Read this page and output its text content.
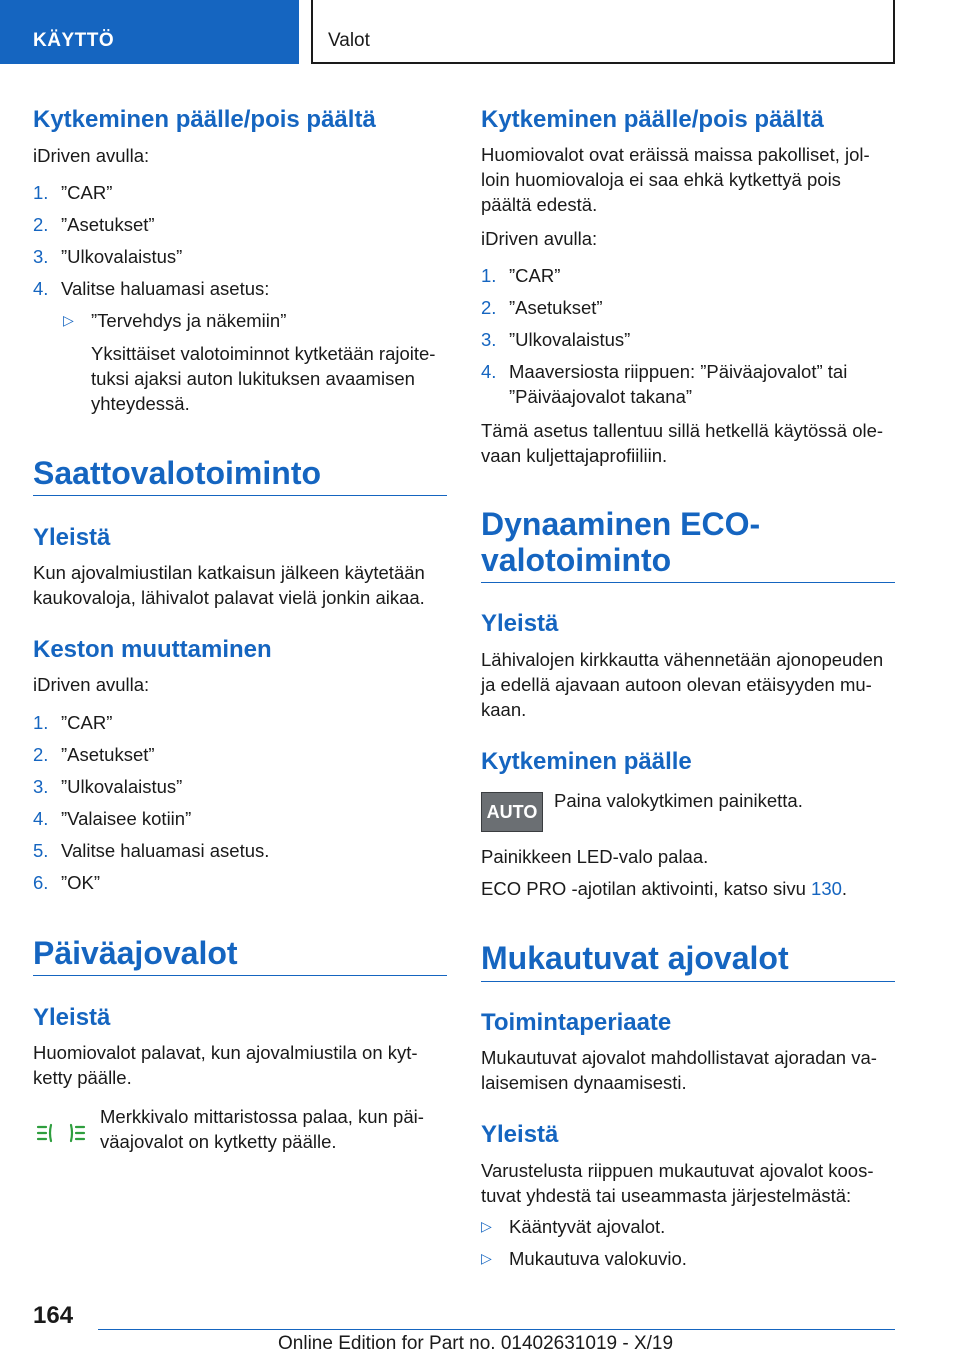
KÄYTTÖ	Valot
Kytkeminen päälle/pois päältä
iDriven avulla:
1. ”CAR”
2. ”Asetukset”
3. ”Ulkovalaistus”
4. Valitse haluamasi asetus:
▷ ”Tervehdys ja näkemiin”
Yksittäiset valotoiminnot kytketään rajoite-tuksi ajaksi auton lukituksen avaamisen yhteydessä.
Saattovalotoiminto
Yleistä
Kun ajovalmiustilan katkaisun jälkeen käytetään kaukovaloja, lähivalot palavat vielä jonkin aikaa.
Keston muuttaminen
iDriven avulla:
1. ”CAR”
2. ”Asetukset”
3. ”Ulkovalaistus”
4. ”Valaisee kotiin”
5. Valitse haluamasi asetus.
6. ”OK”
Päiväajovalot
Yleistä
Huomiovalot palavat, kun ajovalmiustila on kyt-ketty päälle.
Merkkivalo mittaristossa palaa, kun päi-väajovalot on kytketty päälle.
Kytkeminen päälle/pois päältä
Huomiovalot ovat eräissä maissa pakolliset, jol-loin huomiovaloja ei saa ehkä kytkettyä pois päältä edestä.
iDriven avulla:
1. ”CAR”
2. ”Asetukset”
3. ”Ulkovalaistus”
4. Maaversiosta riippuen: ”Päiväajovalot” tai ”Päiväajovalot takana”
Tämä asetus tallentuu sillä hetkellä käytössä ole-vaan kuljettajaprofiiliin.
Dynaaminen ECO-
valotoiminto
Yleistä
Lähivalojen kirkkautta vähennetään ajonopeuden ja edellä ajavaan autoon olevan etäisyyden mu-kaan.
Kytkeminen päälle
AUTO
Paina valokytkimen painiketta.
Painikkeen LED-valo palaa.
ECO PRO -ajotilan aktivointi, katso sivu 130.
Mukautuvat ajovalot
Toimintaperiaate
Mukautuvat ajovalot mahdollistavat ajoradan va-laisemisen dynaamisesti.
Yleistä
Varustelusta riippuen mukautuvat ajovalot koos-tuvat yhdestä tai useammasta järjestelmästä:
▷ Kääntyvät ajovalot.
▷ Mukautuva valokuvio.
164
Online Edition for Part no. 01402631019 - X/19
